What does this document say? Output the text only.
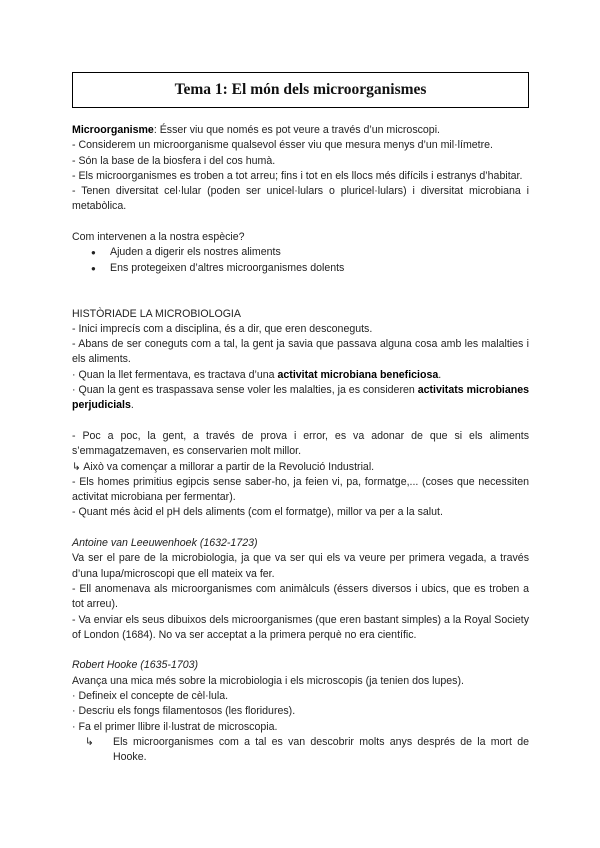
Tema 1: El món dels microorganismes

Microorganisme: Ésser viu que només es pot veure a través d’un microscopi.

- Considerem un microorganisme qualsevol ésser viu que mesura menys d’un mil·límetre.

- Són la base de la biosfera i del cos humà.

- Els microorganismes es troben a tot arreu; fins i tot en els llocs més difícils i estranys d’habitar.

- Tenen diversitat cel·lular (poden ser unicel·lulars o pluricel·lulars) i diversitat microbiana i metabòlica.

Com intervenen a la nostra espècie?

● Ajuden a digerir els nostres aliments
● Ens protegeixen d’altres microorganismes dolents

HISTÒRIADE LA MICROBIOLOGIA

- Inici imprecís com a disciplina, és a dir, que eren desconeguts.

- Abans de ser coneguts com a tal, la gent ja savia que passava alguna cosa amb les malalties i els aliments.

· Quan la llet fermentava, es tractava d’una activitat microbiana beneficiosa.

· Quan la gent es traspassava sense voler les malalties, ja es consideren activitats microbianes perjudicials.

- Poc a poc, la gent, a través de prova i error, es va adonar de que si els aliments s’emmagatzemaven, es conservarien molt millor.

↳ Això va començar a millorar a partir de la Revolució Industrial.

- Els homes primitius egipcis sense saber-ho, ja feien vi, pa, formatge,... (coses que necessiten activitat microbiana per fermentar).

- Quant més àcid el pH dels aliments (com el formatge), millor va per a la salut.

Antoine van Leeuwenhoek (1632-1723)

Va ser el pare de la microbiologia, ja que va ser qui els va veure per primera vegada, a través d’una lupa/microscopi que ell mateix va fer.

- Ell anomenava als microorganismes com animàlculs (éssers diversos i ubics, que es troben a tot arreu).

- Va enviar els seus dibuixos dels microorganismes (que eren bastant simples) a la Royal Society of London (1684). No va ser acceptat a la primera perquè no era científic.

Robert Hooke (1635-1703)

Avança una mica més sobre la microbiologia i els microscopis (ja tenien dos lupes).

· Defineix el concepte de cèl·lula.

· Descriu els fongs filamentosos (les floridures).

· Fa el primer llibre il·lustrat de microscopia.

↳	Els microorganismes com a tal es van descobrir molts anys després de la mort de Hooke.
